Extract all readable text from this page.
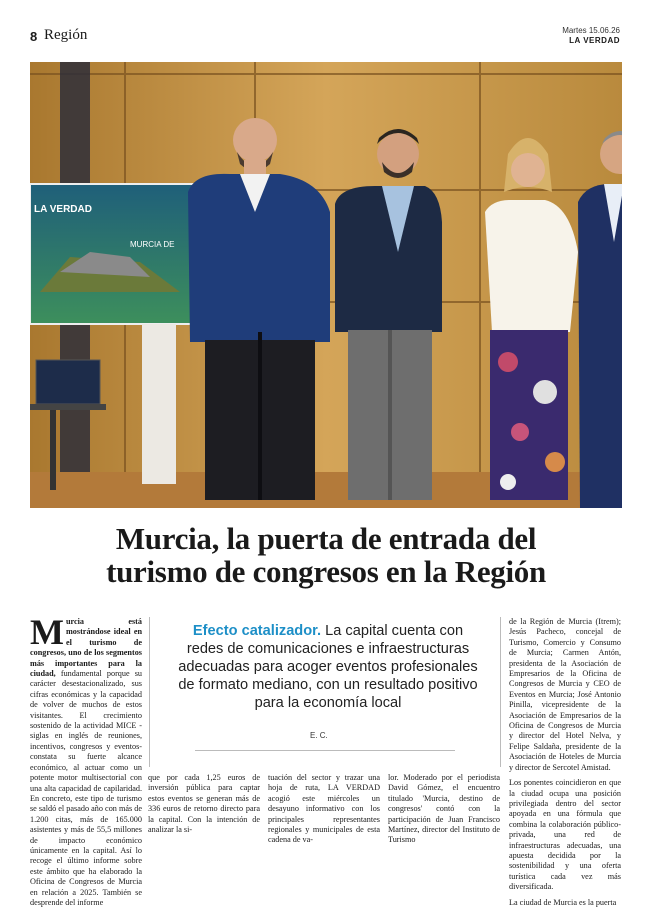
8 Región	Martes 15.06.26
LA VERDAD
LA VERDAD
MURCIA DE
Murcia, la puerta de entrada del
turismo de congresos en la Región
Murcia está mostrándose ideal en el turismo de congresos, uno de los segmentos más importantes para la ciudad, fundamental porque su carácter desestacionalizado, sus cifras económicas y la capacidad de volver de muchos de estos visitantes. El crecimiento sostenido de la actividad MICE -siglas en inglés de reuniones, incentivos, congresos y eventos- constata su fuerte alcance económico, al actuar como un potente motor multisectorial con una alta capacidad de capilaridad. En concreto, este tipo de turismo se saldó el pasado año con más de 1.200 citas, más de 165.000 asistentes y más de 55,5 millones de impacto económico únicamente en la capital. Así lo recoge el último informe sobre este ámbito que ha elaborado la Oficina de Congresos de Murcia en relación a 2025. También se desprende del informe
Efecto catalizador. La capital cuenta con redes de comunicaciones e infraestructuras adecuadas para acoger eventos profesionales de formato mediano, con un resultado positivo para la economía local
E. C.
que por cada 1,25 euros de inversión pública para captar estos eventos se generan más de 336 euros de retorno directo para la capital. Con la intención de analizar la si-
tuación del sector y trazar una hoja de ruta, LA VERDAD acogió este miércoles un desayuno informativo con los principales representantes regionales y municipales de esta cadena de va-
lor. Moderado por el periodista David Gómez, el encuentro titulado 'Murcia, destino de congresos' contó con la participación de Juan Francisco Martínez, director del Instituto de Turismo
de la Región de Murcia (Itrem); Jesús Pacheco, concejal de Turismo, Comercio y Consumo de Murcia; Carmen Antón, presidenta de la Asociación de Empresarios de la Oficina de Congresos de Murcia y CEO de Eventos en Murcia; José Antonio Pinilla, vicepresidente de la Asociación de Empresarios de la Oficina de Congresos de Murcia y director del Hotel Nelva, y Felipe Saldaña, presidente de la Asociación de Hoteles de Murcia y director de Sercotel Amistad.
Los ponentes coincidieron en que la ciudad ocupa una posición privilegiada dentro del sector apoyada en una fórmula que combina la colaboración público-privada, una red de infraestructuras adecuadas, una apuesta decidida por la sostenibilidad y una oferta turística cada vez más diversificada.
La ciudad de Murcia es la puerta
